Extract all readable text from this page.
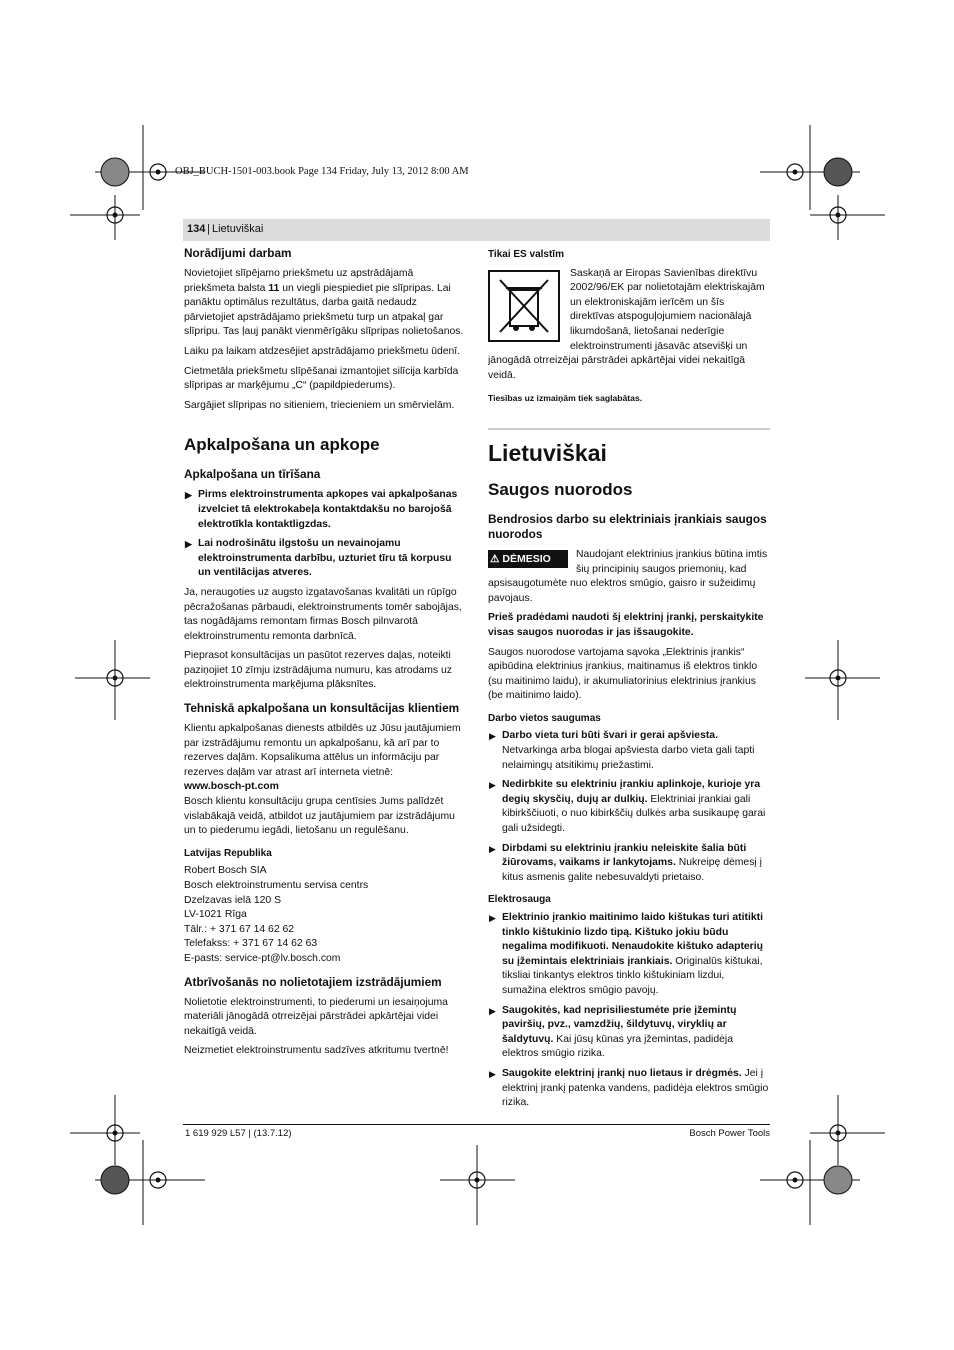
OBJ_BUCH-1501-003.book Page 134 Friday, July 13, 2012 8:00 AM
134 | Lietuviškai
Norādījumi darbam

Novietojiet slīpējamo priekšmetu uz apstrādājamā priekšmeta balsta 11 un viegli piespiediet pie slīpripas. Lai panāktu optimālus rezultātus, darba gaitā nedaudz pārvietojiet apstrādājamo priekšmetu turp un atpakaļ gar slīpripu. Tas ļauj panākt vienmērīgāku slīpripas nolietošanos.

Laiku pa laikam atdzesējiet apstrādājamo priekšmetu ūdenī.

Cietmetāla priekšmetu slīpēšanai izmantojiet silīcija karbīda slīpripas ar marķējumu „C“ (papildpiederums).

Sargājiet slīpripas no sitieniem, triecieniem un smērvielām.

Apkalpošana un apkope
Apkalpošana un tīrīšana
▶ Pirms elektroinstrumenta apkopes vai apkalpošanas izvelciet tā elektrokabeļa kontaktdakšu no barojošā elektrotīkla kontaktligzdas.
▶ Lai nodrošinātu ilgstošu un nevainojamu elektroinstrumenta darbību, uzturiet tīru tā korpusu un ventilācijas atveres.

Ja, neraugoties uz augsto izgatavošanas kvalitāti un rūpīgo pēcražošanas pārbaudi, elektroinstruments tomēr sabojājas, tas nogādājams remontam firmas Bosch pilnvarotā elektroinstrumentu remonta darbnīcā.

Pieprasot konsultācijas un pasūtot rezerves daļas, noteikti paziņojiet 10 zīmju izstrādājuma numuru, kas atrodams uz elektroinstrumenta marķējuma plāksnītes.

Tehniskā apkalpošana un konsultācijas klientiem

Klientu apkalpošanas dienests atbildēs uz Jūsu jautājumiem par izstrādājumu remontu un apkalpošanu, kā arī par to rezerves daļām. Kopsalikuma attēlus un informāciju par rezerves daļām var atrast arī interneta vietnē:

www.bosch-pt.com

Bosch klientu konsultāciju grupa centīsies Jums palīdzēt vislabākajā veidā, atbildot uz jautājumiem par izstrādājumu un to piederumu iegādi, lietošanu un regulēšanu.

Latvijas Republika
Robert Bosch SIA
Bosch elektroinstrumentu servisa centrs
Dzelzavas ielā 120 S
LV-1021 Rīga
Tālr.: + 371 67 14 62 62
Telefakss: + 371 67 14 62 63
E-pasts: service-pt@lv.bosch.com
Atbrīvošanās no nolietotajiem izstrādājumiem

Nolietotie elektroinstrumenti, to piederumi un iesaiņojuma materiāli jānogādā otrreizējai pārstrādei apkārtējai videi nekaitīgā veidā.

Neizmetiet elektroinstrumentu sadzīves atkritumu tvertnē!

Tikai ES valstīm
Saskaņā ar Eiropas Savienības direktīvu 2002/96/EK par nolietotajām elektriskajām un elektroniskajām ierīcēm un šīs direktīvas atspoguļojumiem nacionālajā likumdošanā, lietošanai nederīgie elektroinstrumenti jāsavāc atsevišķi un jānogādā otrreizējai pārstrādei apkārtējai videi nekaitīgā veidā.
Tiesības uz izmaiņām tiek saglabātas.
Lietuviškai
Saugos nuorodos
Bendrosios darbo su elektriniais įrankiais saugos nuorodos
⚠ DĖMESIO Naudojant elektrinius įrankius būtina imtis šių principinių saugos priemonių, kad apsisaugotumėte nuo elektros smūgio, gaisro ir sužeidimų pavojaus.

Prieš pradėdami naudoti šį elektrinį įrankį, perskaitykite visas saugos nuorodas ir jas išsaugokite.

Saugos nuorodose vartojama sąvoka „Elektrinis įrankis“ apibūdina elektrinius įrankius, maitinamus iš elektros tinklo (su maitinimo laidu), ir akumuliatorinius elektrinius įrankius (be maitinimo laido).

Darbo vietos saugumas
▶ Darbo vieta turi būti švari ir gerai apšviesta. Netvarkinga arba blogai apšviesta darbo vieta gali tapti nelaimingų atsitikimų priežastimi.
▶ Nedirbkite su elektriniu įrankiu aplinkoje, kurioje yra degių skysčių, dujų ar dulkių. Elektriniai įrankiai gali kibirkščiuoti, o nuo kibirkščių dulkės arba susikaupę garai gali užsidegti.
▶ Dirbdami su elektriniu įrankiu neleiskite šalia būti žiūrovams, vaikams ir lankytojams. Nukreipę dėmesį į kitus asmenis galite nebesuvaldyti prietaiso.
Elektrosauga
▶ Elektrinio įrankio maitinimo laido kištukas turi atitikti tinklo kištukinio lizdo tipą. Kištuko jokiu būdu negalima modifikuoti. Nenaudokite kištuko adapterių su įžemintais elektriniais įrankiais. Originalūs kištukai, tiksliai tinkantys elektros tinklo kištukiniam lizdui, sumažina elektros smūgio pavojų.
▶ Saugokitės, kad neprisiliestumėte prie įžemintų paviršių, pvz., vamzdžių, šildytuvų, viryklių ar šaldytuvų. Kai jūsų kūnas yra įžemintas, padidėja elektros smūgio rizika.
▶ Saugokite elektrinį įrankį nuo lietaus ir drėgmės. Jei į elektrinį įrankį patenka vandens, padidėja elektros smūgio rizika.
1 619 929 L57 | (13.7.12)	Bosch Power Tools
